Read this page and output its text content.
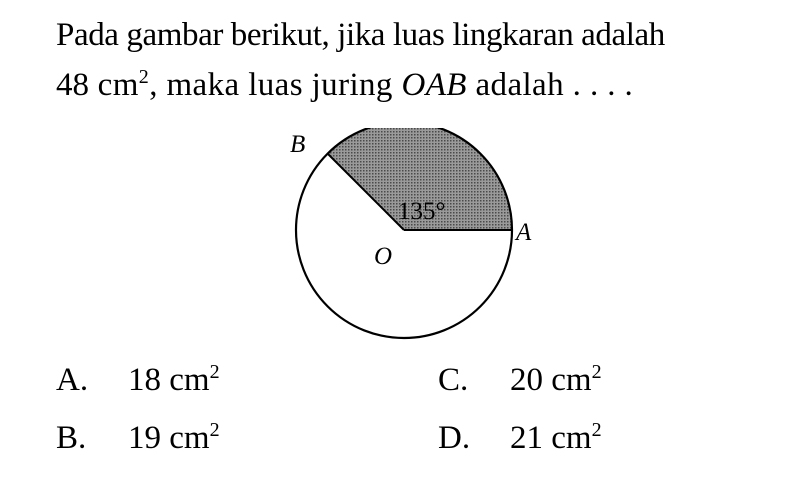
Pada gambar berikut, jika luas lingkaran adalah
48 $cm^2$, maka luas juring OAB adalah . . . .
B
A
O
135°
A. 18 $cm^2$
B. 19 $cm^2$
C. 20 $cm^2$
D. 21 $cm^2$
